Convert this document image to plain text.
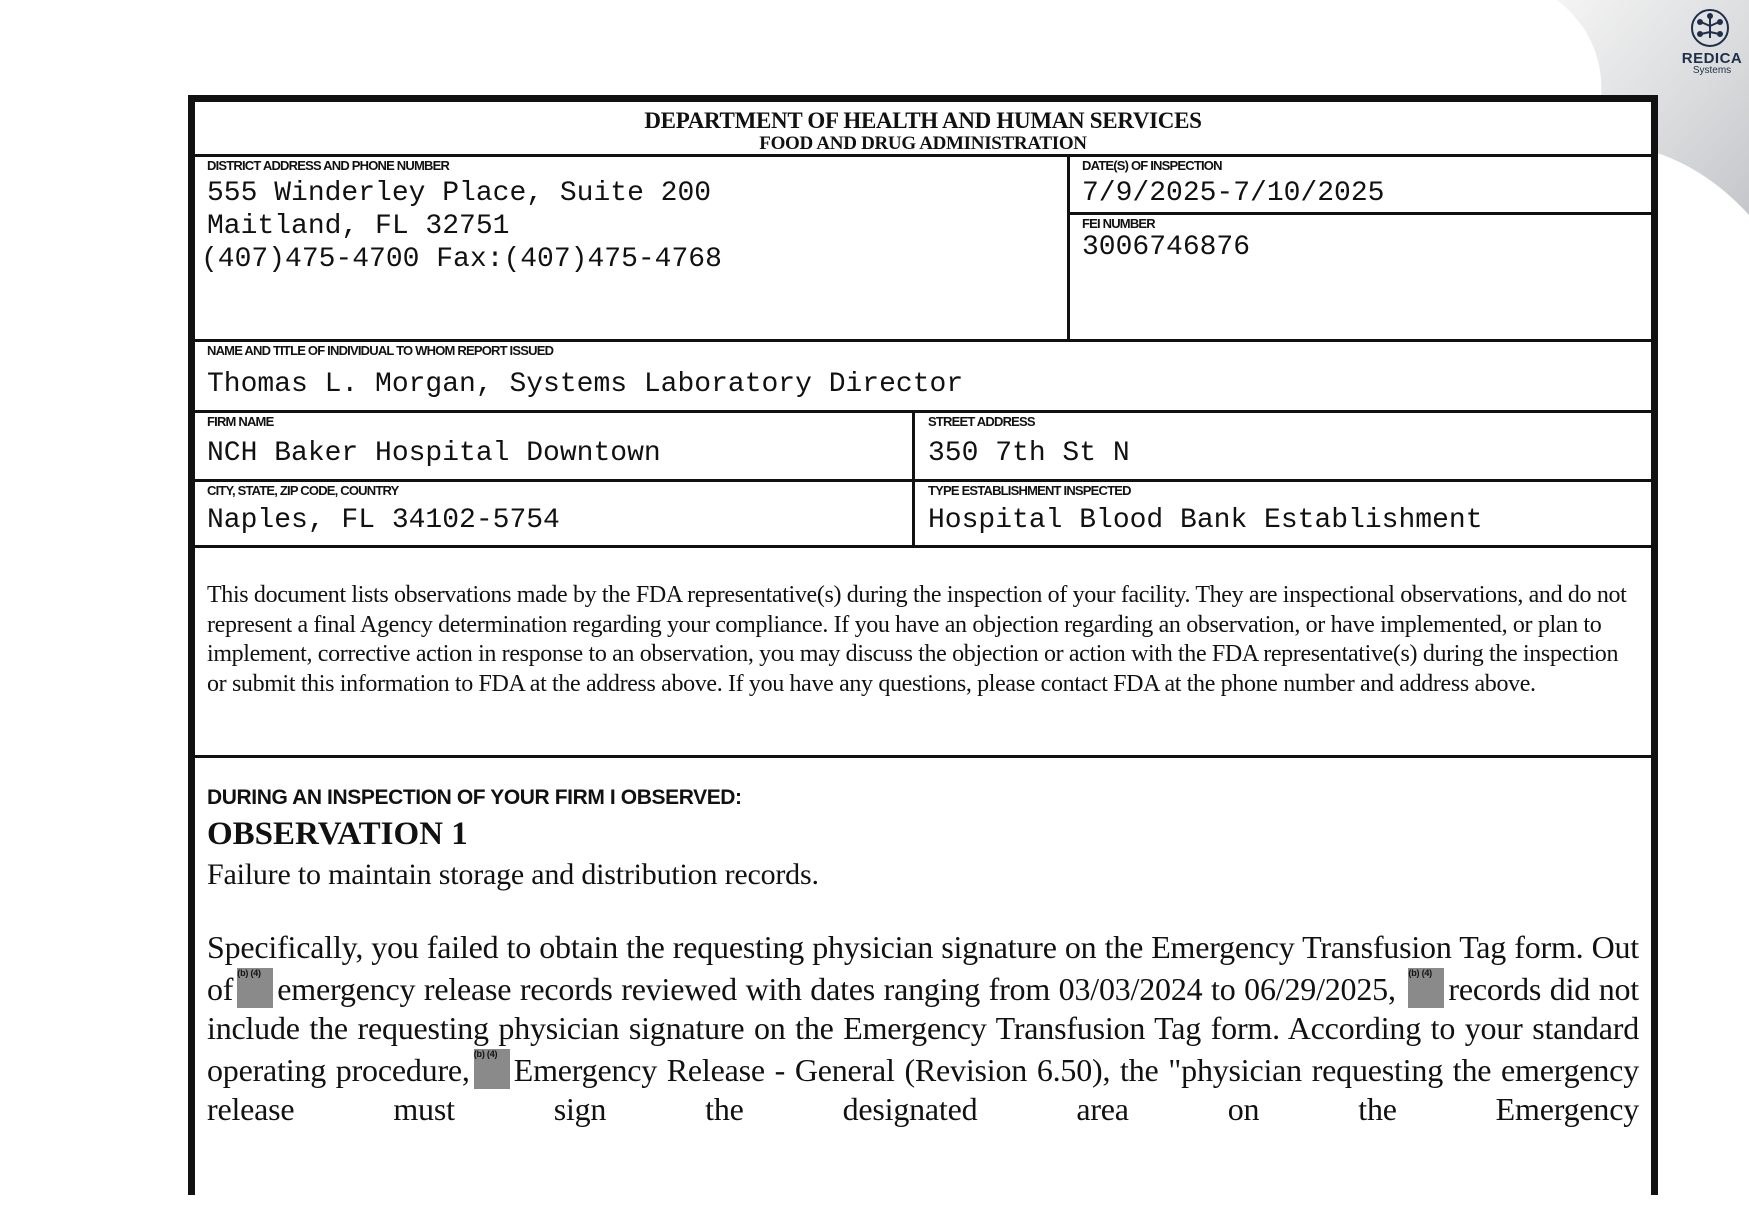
REDICA
Systems
DEPARTMENT OF HEALTH AND HUMAN SERVICES
FOOD AND DRUG ADMINISTRATION
DISTRICT ADDRESS AND PHONE NUMBER
555 Winderley Place, Suite 200
Maitland, FL 32751
(407)475-4700 Fax:(407)475-4768
DATE(S) OF INSPECTION
7/9/2025-7/10/2025
FEI NUMBER
3006746876
NAME AND TITLE OF INDIVIDUAL TO WHOM REPORT ISSUED
Thomas L. Morgan, Systems Laboratory Director
FIRM NAME
NCH Baker Hospital Downtown
STREET ADDRESS
350 7th St N
CITY, STATE, ZIP CODE, COUNTRY
Naples, FL 34102-5754
TYPE ESTABLISHMENT INSPECTED
Hospital Blood Bank Establishment
This document lists observations made by the FDA representative(s) during the inspection of your facility. They are inspectional observations, and do not represent a final Agency determination regarding your compliance. If you have an objection regarding an observation, or have implemented, or plan to implement, corrective action in response to an observation, you may discuss the objection or action with the FDA representative(s) during the inspection or submit this information to FDA at the address above. If you have any questions, please contact FDA at the phone number and address above.
DURING AN INSPECTION OF YOUR FIRM I OBSERVED:
OBSERVATION 1
Failure to maintain storage and distribution records.
Specifically, you failed to obtain the requesting physician signature on the Emergency Transfusion Tag form. Out of (b) (4) emergency release records reviewed with dates ranging from 03/03/2024 to 06/29/2025, (b) (4) records did not include the requesting physician signature on the Emergency Transfusion Tag form. According to your standard operating procedure, (b) (4) Emergency Release - General (Revision 6.50), the "physician requesting the emergency release must sign the designated area on the Emergency
